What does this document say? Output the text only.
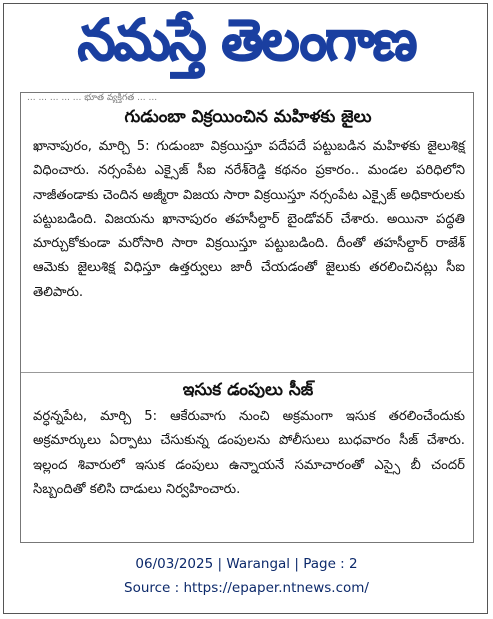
నమస్తే తెలంగాణ
... ... ... ... ... భూత వ్యక్తిగత ... ...
గుడుంబా విక్రయించిన మహిళకు జైలు

ఖానాపురం, మార్చి 5: గుడుంబా విక్రయిస్తూ పదేపదే పట్టుబడిన మహిళకు జైలుశిక్ష విధించారు. నర్సంపేట ఎక్సైజ్ సీఐ నరేశ్‌రెడ్డి కథనం ప్రకారం.. మండల పరిధిలోని నాజీతండాకు చెందిన అజ్మీరా విజయ సారా విక్రయిస్తూ నర్సంపేట ఎక్సైజ్ అధికారులకు పట్టుబడింది. విజయను ఖానాపురం తహసీల్దార్ బైండోవర్ చేశారు. అయినా పద్ధతి మార్చుకోకుండా మరోసారి సారా విక్రయిస్తూ పట్టుబడింది. దీంతో తహసీల్దార్ రాజేశ్ ఆమెకు జైలుశిక్ష విధిస్తూ ఉత్తర్వులు జారీ చేయడంతో జైలుకు తరలించినట్లు సీఐ తెలిపారు.

ఇసుక డంపులు సీజ్

వర్ధన్నపేట, మార్చి 5: ఆకేరువాగు నుంచి అక్రమంగా ఇసుక తరలించేందుకు అక్రమార్కులు ఏర్పాటు చేసుకున్న డంపులను పోలీసులు బుధవారం సీజ్ చేశారు. ఇల్లంద శివారులో ఇసుక డంపులు ఉన్నాయనే సమాచారంతో ఎస్సై బీ చందర్ సిబ్బందితో కలిసి దాడులు నిర్వహించారు.

06/03/2025 | Warangal | Page : 2
Source : https://epaper.ntnews.com/
